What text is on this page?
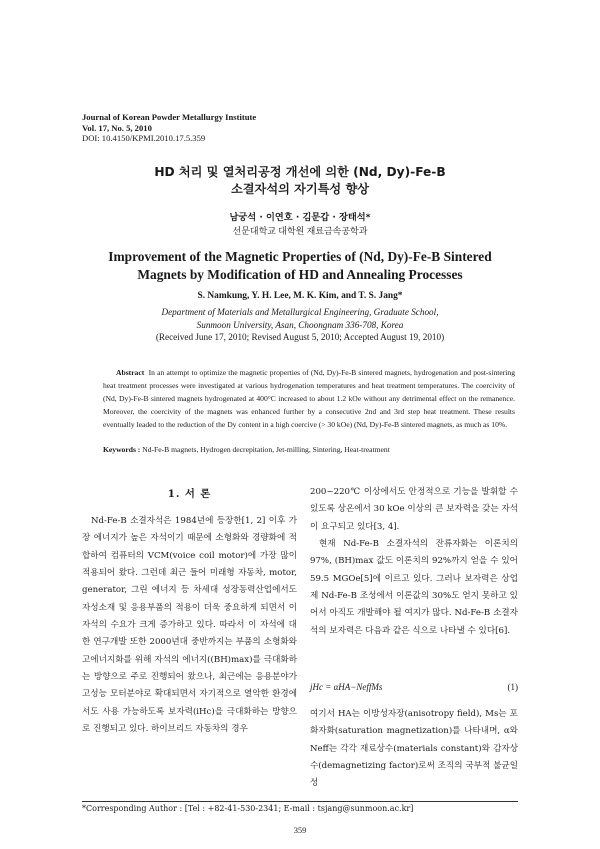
Journal of Korean Powder Metallurgy Institute
Vol. 17, No. 5, 2010
DOI: 10.4150/KPMI.2010.17.5.359
HD 처리 및 열처리공정 개선에 의한 (Nd, Dy)-Fe-B
소결자석의 자기특성 향상
남궁석 · 이연호 · 김문갑 · 장태석*
선문대학교 대학원 재료금속공학과
Improvement of the Magnetic Properties of (Nd, Dy)-Fe-B Sintered
Magnets by Modification of HD and Annealing Processes
S. Namkung, Y. H. Lee, M. K. Kim, and T. S. Jang*
Department of Materials and Metallurgical Engineering, Graduate School,
Sunmoon University, Asan, Choongnam 336-708, Korea
(Received June 17, 2010; Revised August 5, 2010; Accepted August 19, 2010)
Abstract In an attempt to optimize the magnetic properties of (Nd, Dy)-Fe-B sintered magnets, hydrogenation and post-sintering heat treatment processes were investigated at various hydrogenation temperatures and heat treatment temperatures. The coercivity of (Nd, Dy)-Fe-B sintered magnets hydrogenated at 400°C increased to about 1.2 kOe without any detrimental effect on the remanence. Moreover, the coercivity of the magnets was enhanced further by a consecutive 2nd and 3rd step heat treatment. These results eventually leaded to the reduction of the Dy content in a high coercive (> 30 kOe) (Nd, Dy)-Fe-B sintered magnets, as much as 10%.
Keywords : Nd-Fe-B magnets, Hydrogen decrepitation, Jet-milling, Sintering, Heat-treatment
1. 서 론
Nd-Fe-B 소결자석은 1984년에 등장한[1, 2] 이후 가장 에너지가 높은 자석이기 때문에 소형화와 경량화에 적합하여 컴퓨터의 VCM(voice coil motor)에 가장 많이 적용되어 왔다. 그런데 최근 들어 미래형 자동차, motor, generator, 그린 에너지 등 차세대 성장동력산업에서도 자성소재 및 응용부품의 적용이 더욱 중요하게 되면서 이 자석의 수요가 크게 증가하고 있다. 따라서 이 자석에 대한 연구개발 또한 2000년대 중반까지는 부품의 소형화와 고에너지화를 위해 자석의 에너지((BH)max)를 극대화하는 방향으로 주로 진행되어 왔으나, 최근에는 응용분야가 고성능 모터분야로 확대되면서 자기적으로 열악한 환경에서도 사용 가능하도록 보자력(iHc)을 극대화하는 방향으로 진행되고 있다. 하이브리드 자동차의 경우
200~220℃ 이상에서도 안정적으로 기능을 발휘할 수 있도록 상온에서 30 kOe 이상의 큰 보자력을 갖는 자석이 요구되고 있다[3, 4].
현재 Nd-Fe-B 소결자석의 잔류자화는 이론치의 97%, (BH)max 값도 이론치의 92%까지 얻을 수 있어 59.5 MGOe[5]에 이르고 있다. 그러나 보자력은 상업제 Nd-Fe-B 조성에서 이론값의 30%도 얻지 못하고 있어서 아직도 개발해야 될 여지가 많다. Nd-Fe-B 소결자석의 보자력은 다음과 같은 식으로 나타낼 수 있다[6].
jHc = αHA−NeffMs	(1)
여기서 HA는 이방성자장(anisotropy field), Ms는 포화자화(saturation magnetization)를 나타내며, α와 Neff는 각각 재료상수(materials constant)와 감자상수(demagnetizing factor)로써 조직의 국부적 불균일성
*Corresponding Author : [Tel : +82-41-530-2341; E-mail : tsjang@sunmoon.ac.kr]
359
